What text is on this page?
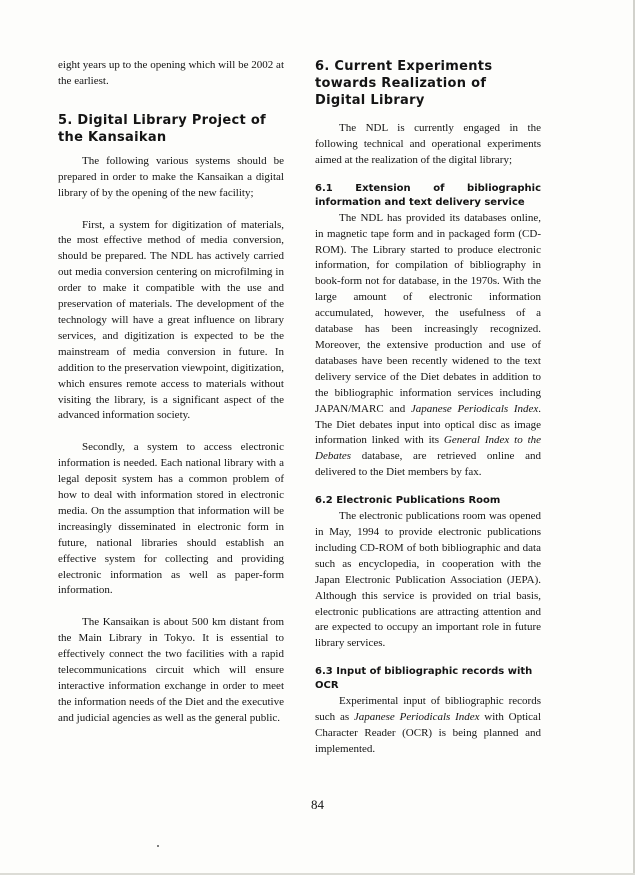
eight years up to the opening which will be 2002 at the earliest.

5. Digital Library Project of the Kansaikan

The following various systems should be prepared in order to make the Kansaikan a digital library of by the opening of the new facility;

First, a system for digitization of materials, the most effective method of media conversion, should be prepared. The NDL has actively carried out media conversion centering on microfilming in order to make it compatible with the use and preservation of materials. The development of the technology will have a great influence on library services, and digitization is expected to be the mainstream of media conversion in future. In addition to the preservation viewpoint, digitization, which ensures remote access to materials without visiting the library, is a significant aspect of the advanced information society.

Secondly, a system to access electronic information is needed. Each national library with a legal deposit system has a common problem of how to deal with information stored in electronic media. On the assumption that information will be increasingly disseminated in electronic form in future, national libraries should establish an effective system for collecting and providing electronic information as well as paper-form information.

The Kansaikan is about 500 km distant from the Main Library in Tokyo. It is essential to effectively connect the two facilities with a rapid telecommunications circuit which will ensure interactive information exchange in order to meet the information needs of the Diet and the executive and judicial agencies as well as the general public.

6. Current Experiments towards Realization of Digital Library

The NDL is currently engaged in the following technical and operational experiments aimed at the realization of the digital library;

6.1 Extension of bibliographic information and text delivery service

The NDL has provided its databases online, in magnetic tape form and in packaged form (CD-ROM). The Library started to produce electronic information, for compilation of bibliography in book-form not for database, in the 1970s. With the large amount of electronic information accumulated, however, the usefulness of a database has been increasingly recognized. Moreover, the extensive production and use of databases have been recently widened to the text delivery service of the Diet debates in addition to the bibliographic information services including JAPAN/MARC and Japanese Periodicals Index. The Diet debates input into optical disc as image information linked with its General Index to the Debates database, are retrieved online and delivered to the Diet members by fax.

6.2 Electronic Publications Room

The electronic publications room was opened in May, 1994 to provide electronic publications including CD-ROM of both bibliographic and data such as encyclopedia, in cooperation with the Japan Electronic Publication Association (JEPA). Although this service is provided on trial basis, electronic publications are attracting attention and are expected to occupy an important role in future library services.

6.3 Input of bibliographic records with OCR

Experimental input of bibliographic records such as Japanese Periodicals Index with Optical Character Reader (OCR) is being planned and implemented.

84
